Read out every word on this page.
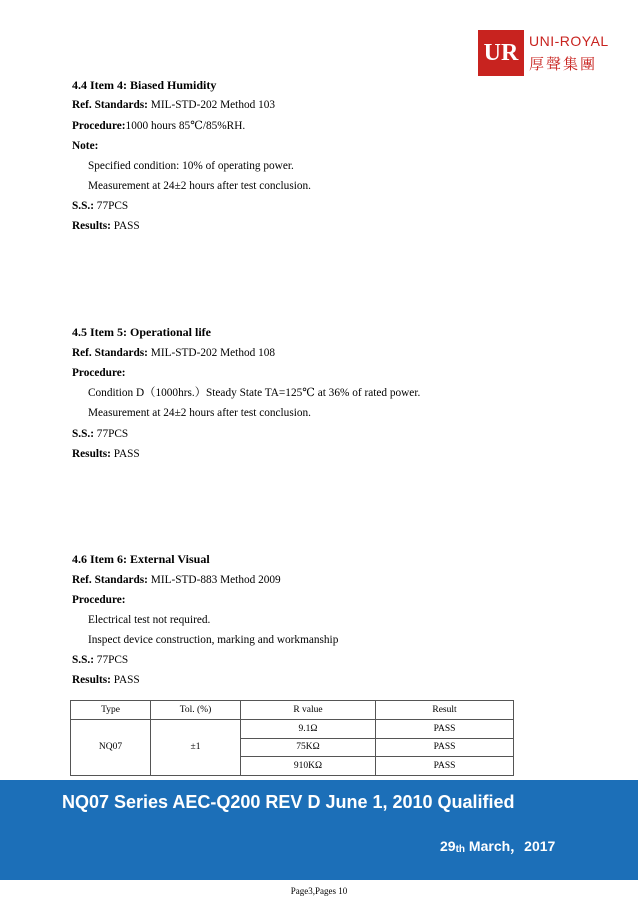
UR UNI-ROYAL
厚聲集團
4.4 Item 4: Biased Humidity
Ref. Standards: MIL-STD-202 Method 103
Procedure:1000 hours 85℃/85%RH.
Note:
Specified condition: 10% of operating power.
Measurement at 24±2 hours after test conclusion.
S.S.: 77PCS
Results: PASS
4.5 Item 5: Operational life
Ref. Standards: MIL-STD-202 Method 108
Procedure:
Condition D（1000hrs.）Steady State TA=125℃ at 36% of rated power.
Measurement at 24±2 hours after test conclusion.
S.S.: 77PCS
Results: PASS
4.6 Item 6: External Visual
Ref. Standards: MIL-STD-883 Method 2009
Procedure:
Electrical test not required.
Inspect device construction, marking and workmanship
S.S.: 77PCS
Results: PASS
Type	Tol. (%)	R value	Result
NQ07	±1	9.1Ω	PASS
		75KΩ	PASS
		910KΩ	PASS
NQ07 Series AEC-Q200 REV D June 1, 2010 Qualified
29th March，2017
Page3,Pages 10
